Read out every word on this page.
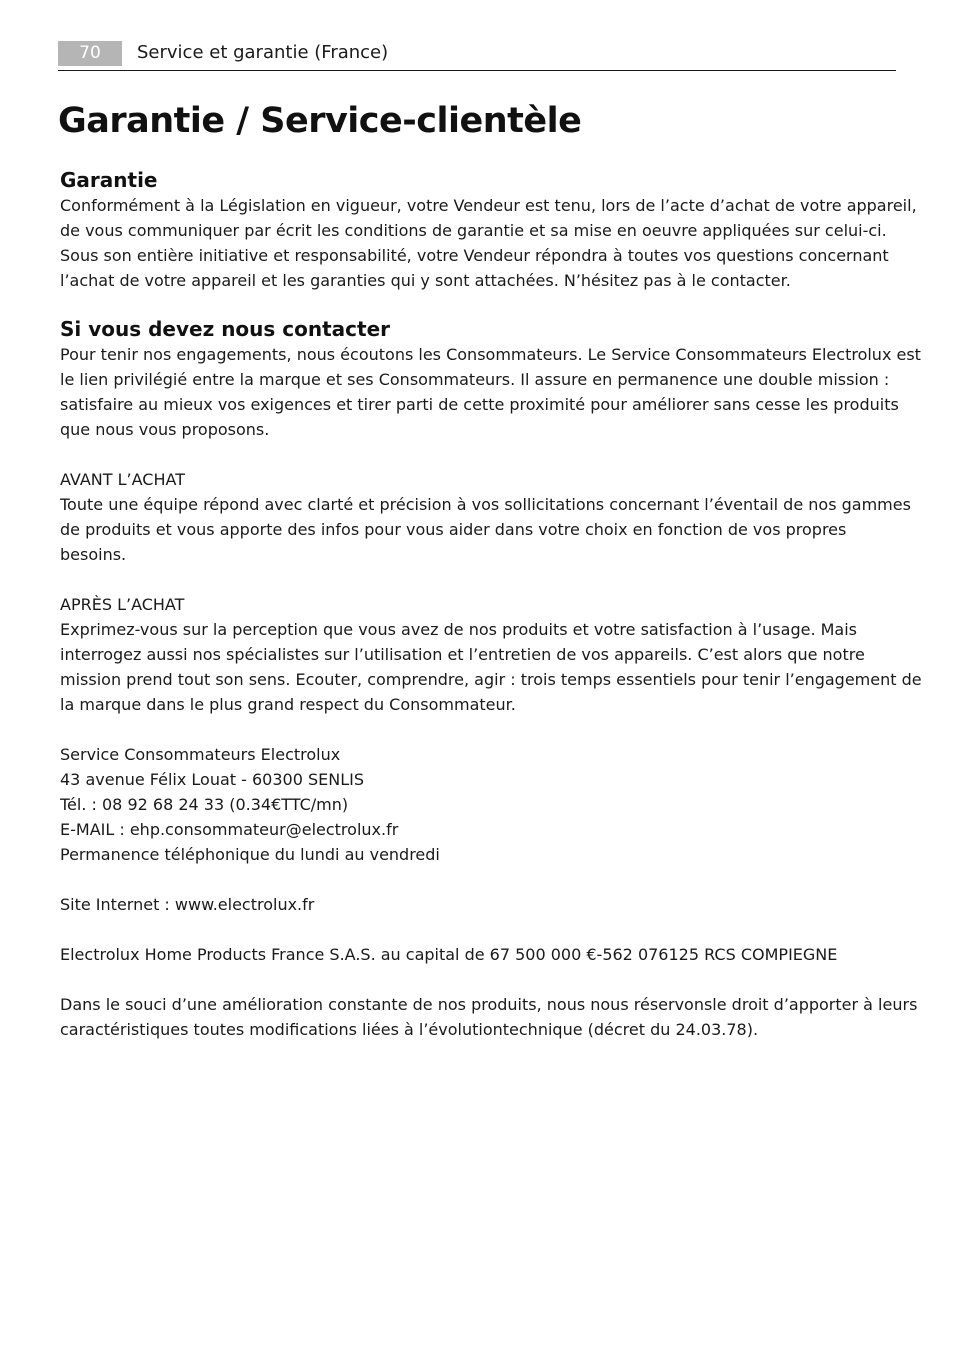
70	Service et garantie (France)
Garantie / Service-clientèle
Garantie

Conformément à la Législation en vigueur, votre Vendeur est tenu, lors de l’acte d’achat de votre appareil,
de vous communiquer par écrit les conditions de garantie et sa mise en oeuvre appliquées sur celui-ci.
Sous son entière initiative et responsabilité, votre Vendeur répondra à toutes vos questions concernant
l’achat de votre appareil et les garanties qui y sont attachées. N’hésitez pas à le contacter.

Si vous devez nous contacter

Pour tenir nos engagements, nous écoutons les Consommateurs. Le Service Consommateurs Electrolux est
le lien privilégié entre la marque et ses Consommateurs. Il assure en permanence une double mission :
satisfaire au mieux vos exigences et tirer parti de cette proximité pour améliorer sans cesse les produits
que nous vous proposons.

AVANT L’ACHAT
Toute une équipe répond avec clarté et précision à vos sollicitations concernant l’éventail de nos gammes
de produits et vous apporte des infos pour vous aider dans votre choix en fonction de vos propres
besoins.

APRÈS L’ACHAT
Exprimez-vous sur la perception que vous avez de nos produits et votre satisfaction à l’usage. Mais
interrogez aussi nos spécialistes sur l’utilisation et l’entretien de vos appareils. C’est alors que notre
mission prend tout son sens. Ecouter, comprendre, agir : trois temps essentiels pour tenir l’engagement de
la marque dans le plus grand respect du Consommateur.

Service Consommateurs Electrolux
43 avenue Félix Louat - 60300 SENLIS
Tél. : 08 92 68 24 33 (0.34€TTC/mn)
E-MAIL : ehp.consommateur@electrolux.fr
Permanence téléphonique du lundi au vendredi

Site Internet : www.electrolux.fr

Electrolux Home Products France S.A.S. au capital de 67 500 000 €-562 076125 RCS COMPIEGNE

Dans le souci d’une amélioration constante de nos produits, nous nous réservonsle droit d’apporter à leurs
caractéristiques toutes modifications liées à l’évolutiontechnique (décret du 24.03.78).
